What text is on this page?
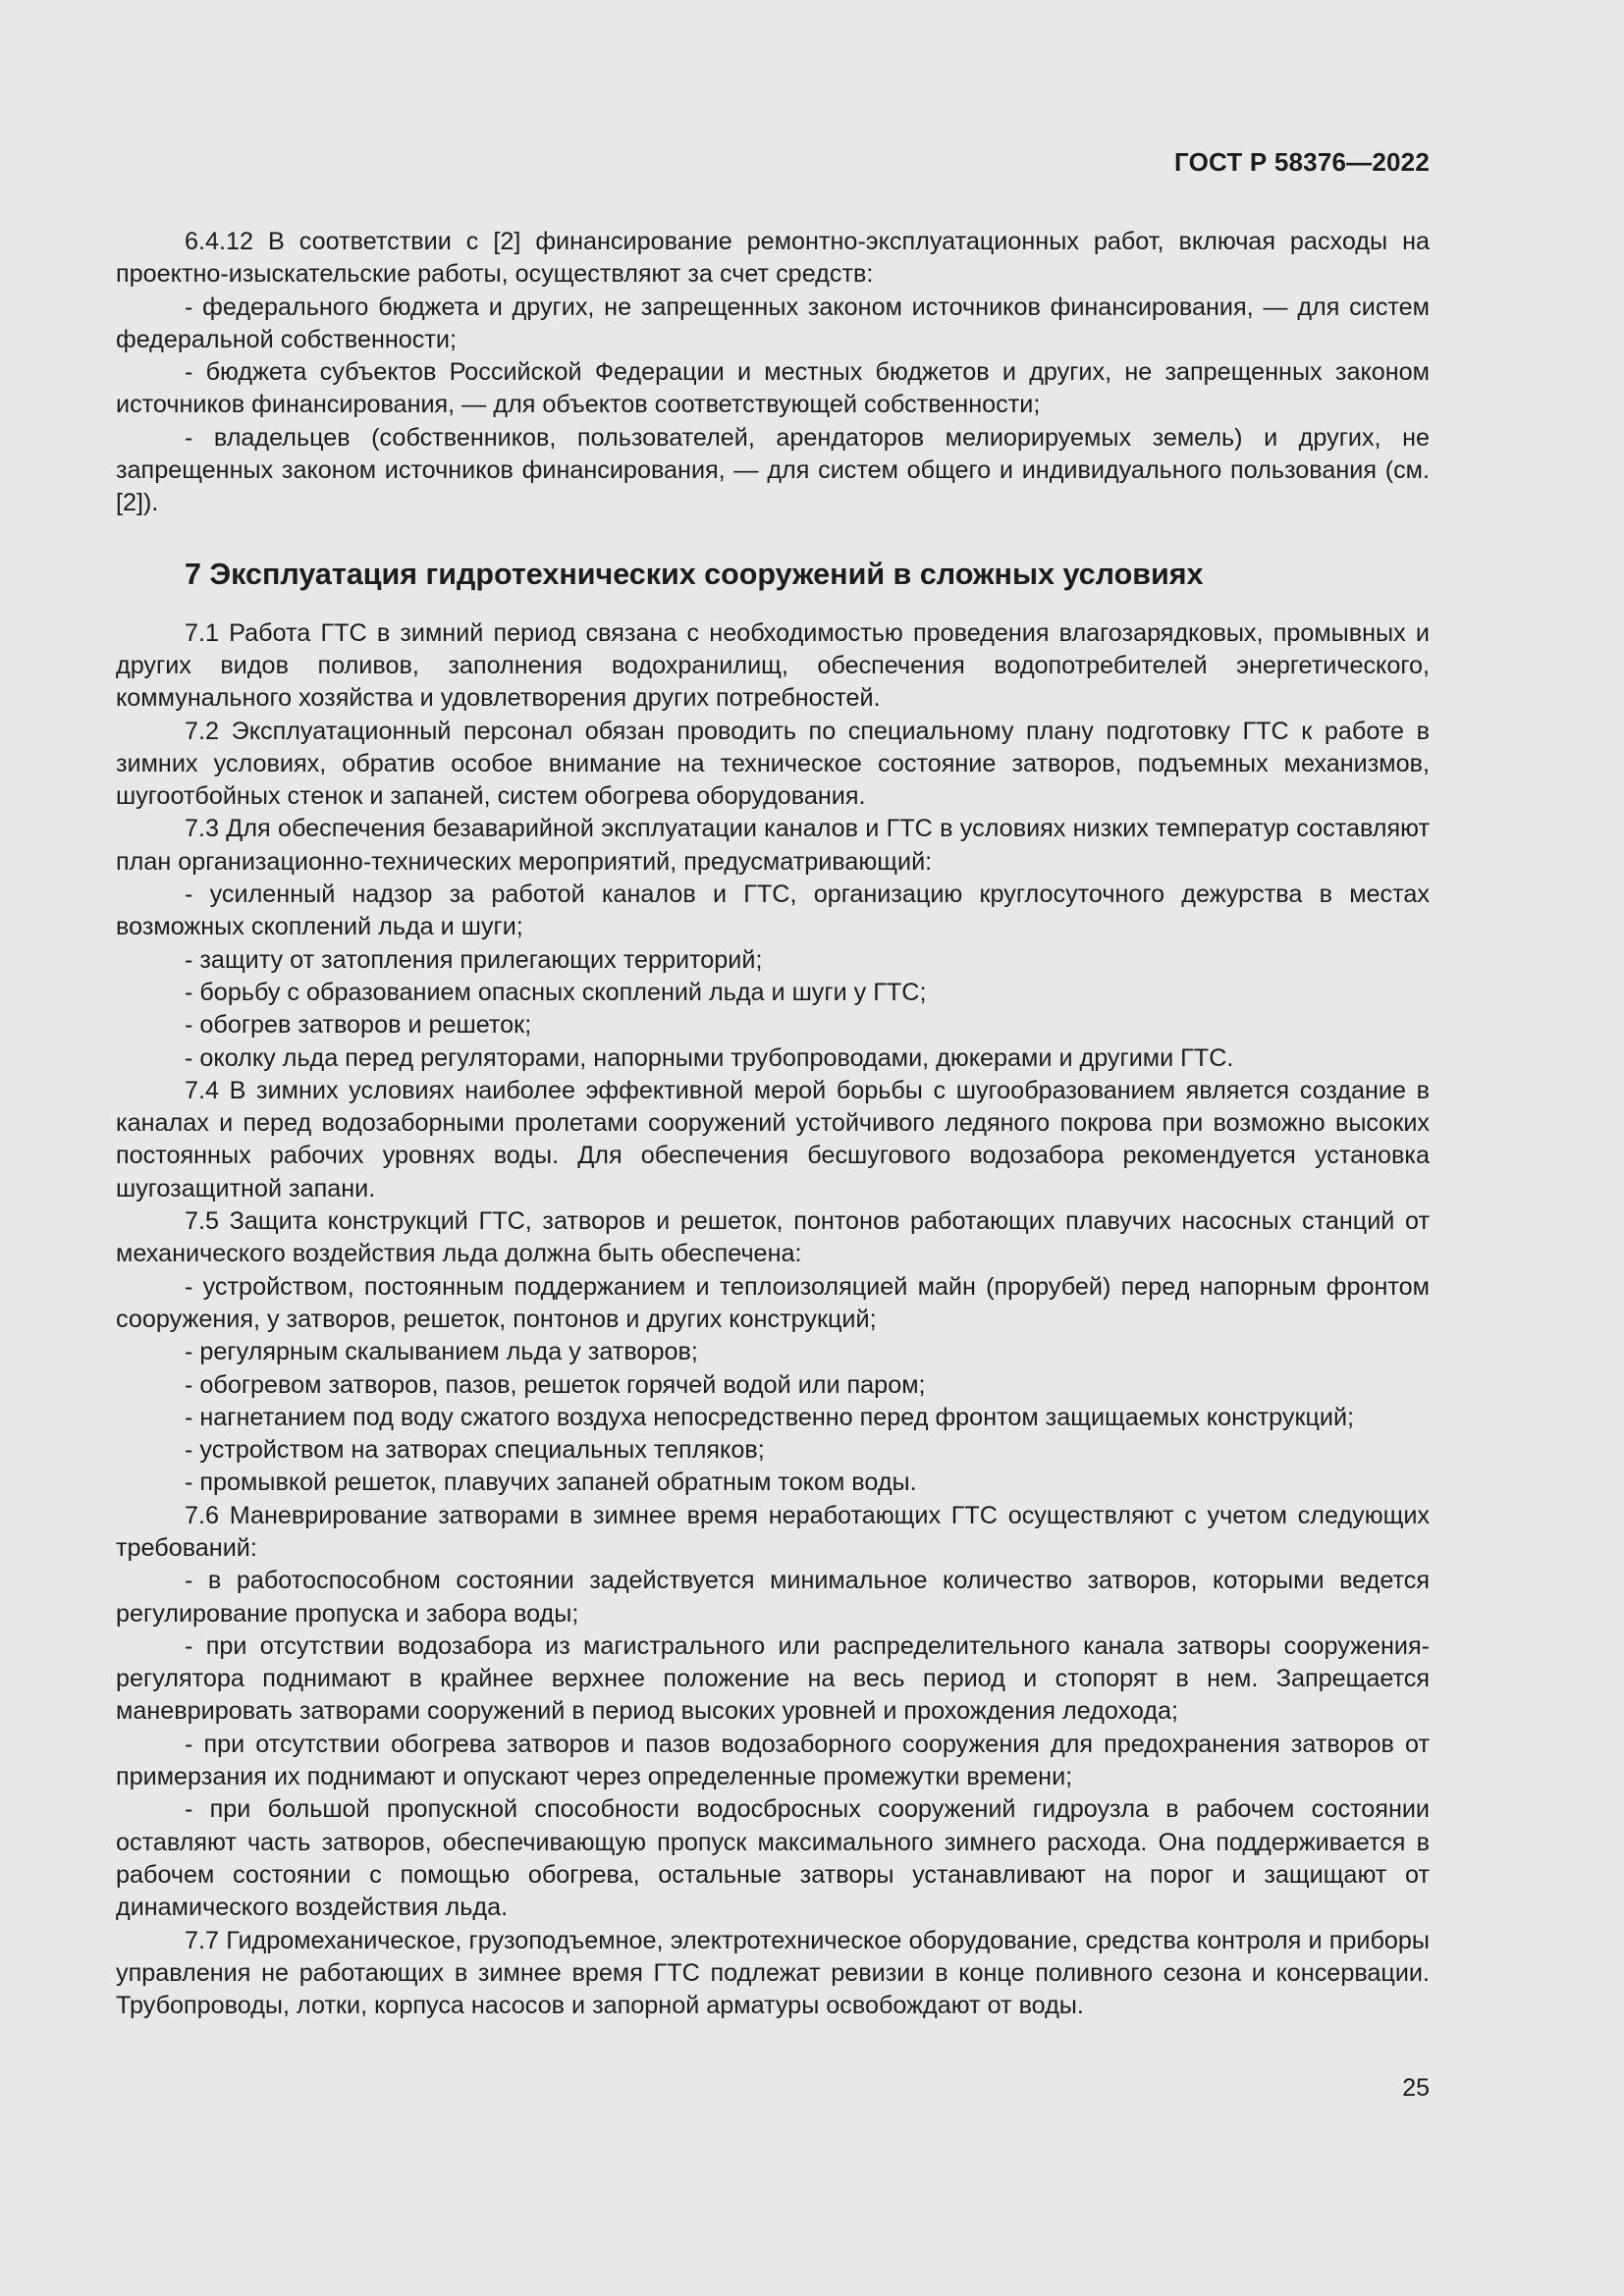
ГОСТ Р 58376—2022

6.4.12 В соответствии с [2] финансирование ремонтно-эксплуатационных работ, включая расходы на проектно-изыскательские работы, осуществляют за счет средств:

- федерального бюджета и других, не запрещенных законом источников финансирования, — для систем федеральной собственности;

- бюджета субъектов Российской Федерации и местных бюджетов и других, не запрещенных законом источников финансирования, — для объектов соответствующей собственности;

- владельцев (собственников, пользователей, арендаторов мелиорируемых земель) и других, не запрещенных законом источников финансирования, — для систем общего и индивидуального пользования (см. [2]).

7 Эксплуатация гидротехнических сооружений в сложных условиях

7.1 Работа ГТС в зимний период связана с необходимостью проведения влагозарядковых, промывных и других видов поливов, заполнения водохранилищ, обеспечения водопотребителей энергетического, коммунального хозяйства и удовлетворения других потребностей.

7.2 Эксплуатационный персонал обязан проводить по специальному плану подготовку ГТС к работе в зимних условиях, обратив особое внимание на техническое состояние затворов, подъемных механизмов, шугоотбойных стенок и запаней, систем обогрева оборудования.

7.3 Для обеспечения безаварийной эксплуатации каналов и ГТС в условиях низких температур составляют план организационно-технических мероприятий, предусматривающий:

- усиленный надзор за работой каналов и ГТС, организацию круглосуточного дежурства в местах возможных скоплений льда и шуги;

- защиту от затопления прилегающих территорий;

- борьбу с образованием опасных скоплений льда и шуги у ГТС;

- обогрев затворов и решеток;

- околку льда перед регуляторами, напорными трубопроводами, дюкерами и другими ГТС.

7.4 В зимних условиях наиболее эффективной мерой борьбы с шугообразованием является создание в каналах и перед водозаборными пролетами сооружений устойчивого ледяного покрова при возможно высоких постоянных рабочих уровнях воды. Для обеспечения бесшугового водозабора рекомендуется установка шугозащитной запани.

7.5 Защита конструкций ГТС, затворов и решеток, понтонов работающих плавучих насосных станций от механического воздействия льда должна быть обеспечена:

- устройством, постоянным поддержанием и теплоизоляцией майн (прорубей) перед напорным фронтом сооружения, у затворов, решеток, понтонов и других конструкций;

- регулярным скалыванием льда у затворов;

- обогревом затворов, пазов, решеток горячей водой или паром;

- нагнетанием под воду сжатого воздуха непосредственно перед фронтом защищаемых конструкций;

- устройством на затворах специальных тепляков;

- промывкой решеток, плавучих запаней обратным током воды.

7.6 Маневрирование затворами в зимнее время неработающих ГТС осуществляют с учетом следующих требований:

- в работоспособном состоянии задействуется минимальное количество затворов, которыми ведется регулирование пропуска и забора воды;

- при отсутствии водозабора из магистрального или распределительного канала затворы сооружения-регулятора поднимают в крайнее верхнее положение на весь период и стопорят в нем. Запрещается маневрировать затворами сооружений в период высоких уровней и прохождения ледохода;

- при отсутствии обогрева затворов и пазов водозаборного сооружения для предохранения затворов от примерзания их поднимают и опускают через определенные промежутки времени;

- при большой пропускной способности водосбросных сооружений гидроузла в рабочем состоянии оставляют часть затворов, обеспечивающую пропуск максимального зимнего расхода. Она поддерживается в рабочем состоянии с помощью обогрева, остальные затворы устанавливают на порог и защищают от динамического воздействия льда.

7.7 Гидромеханическое, грузоподъемное, электротехническое оборудование, средства контроля и приборы управления не работающих в зимнее время ГТС подлежат ревизии в конце поливного сезона и консервации. Трубопроводы, лотки, корпуса насосов и запорной арматуры освобождают от воды.

25
